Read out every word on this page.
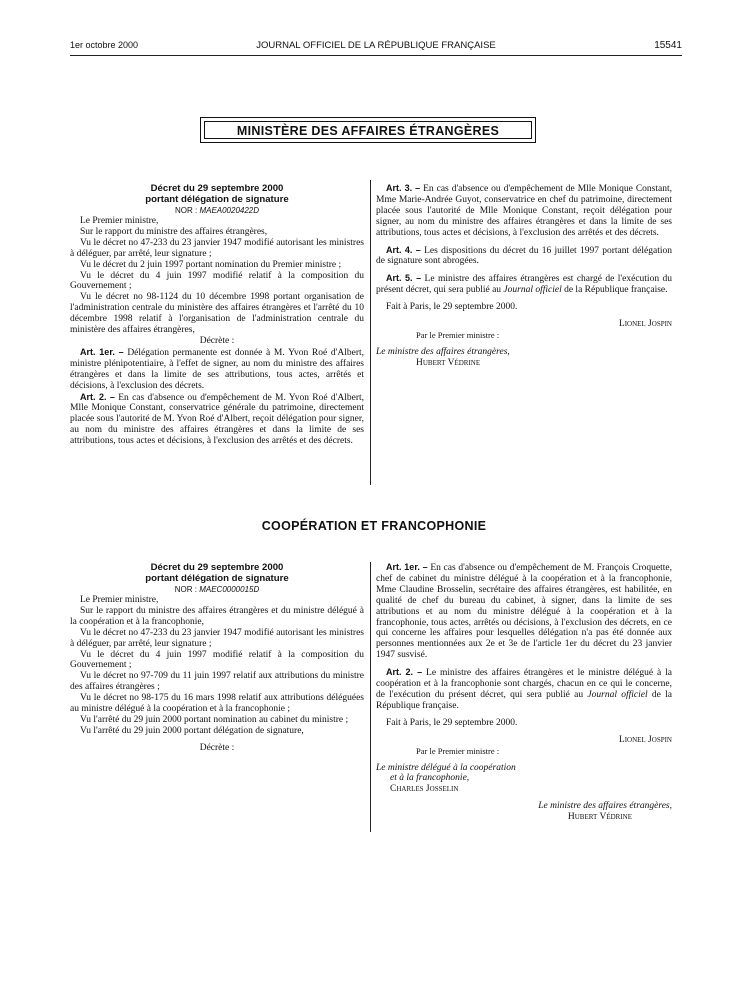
1er octobre 2000	JOURNAL OFFICIEL DE LA RÉPUBLIQUE FRANÇAISE	15541
MINISTÈRE DES AFFAIRES ÉTRANGÈRES

Décret du 29 septembre 2000

portant délégation de signature

NOR : MAEA0020422D

Le Premier ministre,

Sur le rapport du ministre des affaires étrangères,

Vu le décret no 47-233 du 23 janvier 1947 modifié autorisant les ministres à déléguer, par arrêté, leur signature ;

Vu le décret du 2 juin 1997 portant nomination du Premier ministre ;

Vu le décret du 4 juin 1997 modifié relatif à la composition du Gouvernement ;

Vu le décret no 98-1124 du 10 décembre 1998 portant organisation de l'administration centrale du ministère des affaires étrangères et l'arrêté du 10 décembre 1998 relatif à l'organisation de l'administration centrale du ministère des affaires étrangères,

Décrète :

Art. 1er. – Délégation permanente est donnée à M. Yvon Roé d'Albert, ministre plénipotentiaire, à l'effet de signer, au nom du ministre des affaires étrangères et dans la limite de ses attributions, tous actes, arrêtés et décisions, à l'exclusion des décrets.

Art. 2. – En cas d'absence ou d'empêchement de M. Yvon Roé d'Albert, Mlle Monique Constant, conservatrice générale du patrimoine, directement placée sous l'autorité de M. Yvon Roé d'Albert, reçoit délégation pour signer, au nom du ministre des affaires étrangères et dans la limite de ses attributions, tous actes et décisions, à l'exclusion des arrêtés et des décrets.

Art. 3. – En cas d'absence ou d'empêchement de Mlle Monique Constant, Mme Marie-Andrée Guyot, conservatrice en chef du patrimoine, directement placée sous l'autorité de Mlle Monique Constant, reçoit délégation pour signer, au nom du ministre des affaires étrangères et dans la limite de ses attributions, tous actes et décisions, à l'exclusion des arrêtés et des décrets.

Art. 4. – Les dispositions du décret du 16 juillet 1997 portant délégation de signature sont abrogées.

Art. 5. – Le ministre des affaires étrangères est chargé de l'exécution du présent décret, qui sera publié au Journal officiel de la République française.

Fait à Paris, le 29 septembre 2000.

Lionel Jospin

Par le Premier ministre :

Le ministre des affaires étrangères,

Hubert Védrine

COOPÉRATION ET FRANCOPHONIE

Décret du 29 septembre 2000

portant délégation de signature

NOR : MAEC0000015D

Le Premier ministre,

Sur le rapport du ministre des affaires étrangères et du ministre délégué à la coopération et à la francophonie,

Vu le décret no 47-233 du 23 janvier 1947 modifié autorisant les ministres à déléguer, par arrêté, leur signature ;

Vu le décret du 4 juin 1997 modifié relatif à la composition du Gouvernement ;

Vu le décret no 97-709 du 11 juin 1997 relatif aux attributions du ministre des affaires étrangères ;

Vu le décret no 98-175 du 16 mars 1998 relatif aux attributions déléguées au ministre délégué à la coopération et à la francophonie ;

Vu l'arrêté du 29 juin 2000 portant nomination au cabinet du ministre ;

Vu l'arrêté du 29 juin 2000 portant délégation de signature,

Décrète :

Art. 1er. – En cas d'absence ou d'empêchement de M. François Croquette, chef de cabinet du ministre délégué à la coopération et à la francophonie, Mme Claudine Brosselin, secrétaire des affaires étrangères, est habilitée, en qualité de chef du bureau du cabinet, à signer, dans la limite de ses attributions et au nom du ministre délégué à la coopération et à la francophonie, tous actes, arrêtés ou décisions, à l'exclusion des décrets, en ce qui concerne les affaires pour lesquelles délégation n'a pas été donnée aux personnes mentionnées aux 2e et 3e de l'article 1er du décret du 23 janvier 1947 susvisé.

Art. 2. – Le ministre des affaires étrangères et le ministre délégué à la coopération et à la francophonie sont chargés, chacun en ce qui le concerne, de l'exécution du présent décret, qui sera publié au Journal officiel de la République française.

Fait à Paris, le 29 septembre 2000.

Lionel Jospin

Par le Premier ministre :

Le ministre délégué à la coopération

et à la francophonie,

Charles Josselin

Le ministre des affaires étrangères,

Hubert Védrine
